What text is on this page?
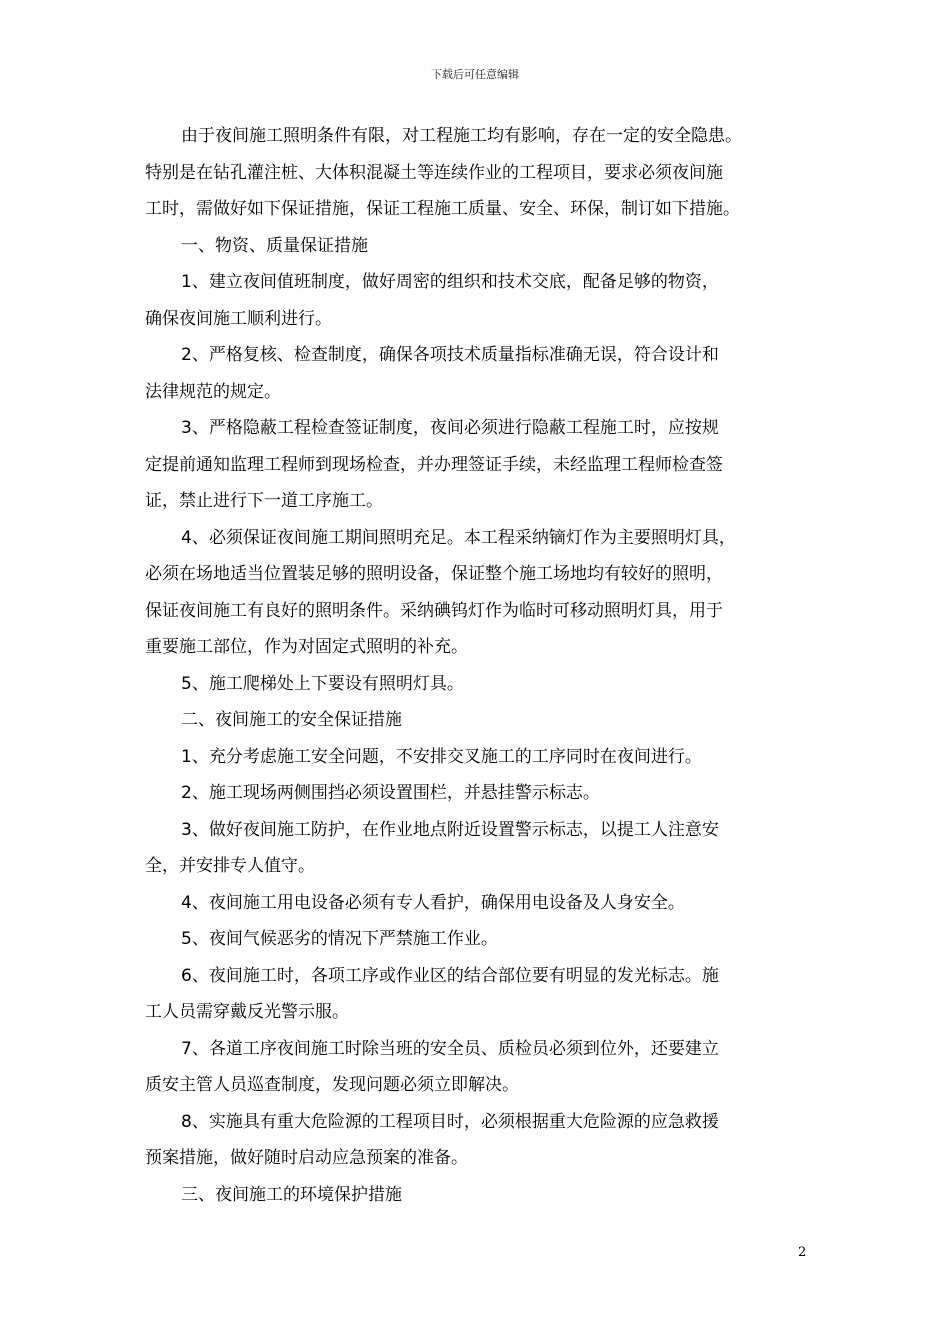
下载后可任意编辑
由于夜间施工照明条件有限，对工程施工均有影响，存在一定的安全隐患。
特别是在钻孔灌注桩、大体积混凝土等连续作业的工程项目，要求必须夜间施
工时，需做好如下保证措施，保证工程施工质量、安全、环保，制订如下措施。
一、物资、质量保证措施
1、建立夜间值班制度，做好周密的组织和技术交底，配备足够的物资，
确保夜间施工顺利进行。
2、严格复核、检查制度，确保各项技术质量指标准确无误，符合设计和
法律规范的规定。
3、严格隐蔽工程检查签证制度，夜间必须进行隐蔽工程施工时，应按规
定提前通知监理工程师到现场检查，并办理签证手续，未经监理工程师检查签
证，禁止进行下一道工序施工。
4、必须保证夜间施工期间照明充足。本工程采纳镝灯作为主要照明灯具，
必须在场地适当位置装足够的照明设备，保证整个施工场地均有较好的照明，
保证夜间施工有良好的照明条件。采纳碘钨灯作为临时可移动照明灯具，用于
重要施工部位，作为对固定式照明的补充。
5、施工爬梯处上下要设有照明灯具。
二、夜间施工的安全保证措施
1、充分考虑施工安全问题，不安排交叉施工的工序同时在夜间进行。
2、施工现场两侧围挡必须设置围栏，并悬挂警示标志。
3、做好夜间施工防护，在作业地点附近设置警示标志，以提工人注意安
全，并安排专人值守。
4、夜间施工用电设备必须有专人看护，确保用电设备及人身安全。
5、夜间气候恶劣的情况下严禁施工作业。
6、夜间施工时，各项工序或作业区的结合部位要有明显的发光标志。施
工人员需穿戴反光警示服。
7、各道工序夜间施工时除当班的安全员、质检员必须到位外，还要建立
质安主管人员巡查制度，发现问题必须立即解决。
8、实施具有重大危险源的工程项目时，必须根据重大危险源的应急救援
预案措施，做好随时启动应急预案的准备。
三、夜间施工的环境保护措施
2
